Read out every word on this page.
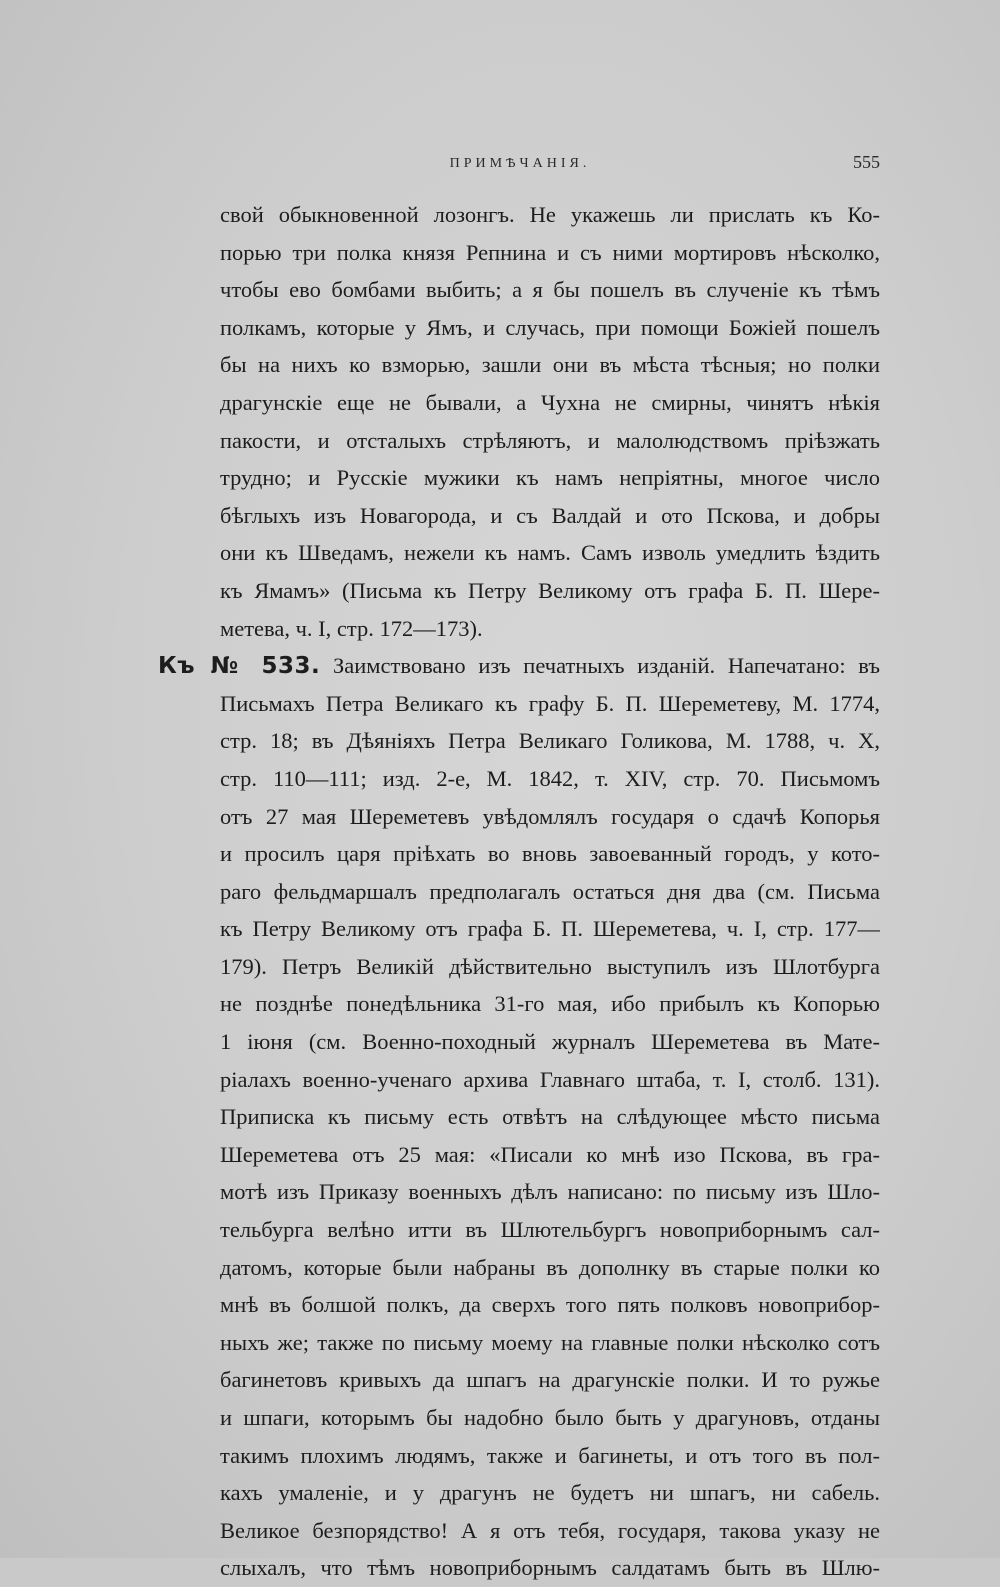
ПРИМѢЧАНІЯ.	555
свой обыкновенной лозонгъ. Не укажешь ли прислать къ Ко-
порью три полка князя Репнина и съ ними мортировъ нѣсколко,
чтобы ево бомбами выбить; а я бы пошелъ въ слученіе къ тѣмъ
полкамъ, которые у Ямъ, и случась, при помощи Божіей пошелъ
бы на нихъ ко взморью, зашли они въ мѣста тѣсныя; но полки
драгунскіе еще не бывали, а Чухна не смирны, чинятъ нѣкія
пакости, и отсталыхъ стрѣляютъ, и малолюдствомъ пріѣзжать
трудно; и Русскіе мужики къ намъ непріятны, многое число
бѣглыхъ изъ Новагорода, и съ Валдай и ото Пскова, и добры
они къ Шведамъ, нежели къ намъ. Самъ изволь умедлить ѣздить
къ Ямамъ» (Письма къ Петру Великому отъ графа Б. П. Шере-
метева, ч. I, стр. 172—173).
Къ № 533. Заимствовано изъ печатныхъ изданій. Напечатано: въ
Письмахъ Петра Великаго къ графу Б. П. Шереметеву, М. 1774,
стр. 18; въ Дѣяніяхъ Петра Великаго Голикова, М. 1788, ч. X,
стр. 110—111; изд. 2-е, М. 1842, т. XIV, стр. 70. Письмомъ
отъ 27 мая Шереметевъ увѣдомлялъ государя о сдачѣ Копорья
и просилъ царя пріѣхать во вновь завоеванный городъ, у кото-
раго фельдмаршалъ предполагалъ остаться дня два (см. Письма
къ Петру Великому отъ графа Б. П. Шереметева, ч. I, стр. 177—
179). Петръ Великій дѣйствительно выступилъ изъ Шлотбурга
не позднѣе понедѣльника 31-го мая, ибо прибылъ къ Копорью
1 іюня (см. Военно-походный журналъ Шереметева въ Мате-
ріалахъ военно-ученаго архива Главнаго штаба, т. I, столб. 131).
Приписка къ письму есть отвѣтъ на слѣдующее мѣсто письма
Шереметева отъ 25 мая: «Писали ко мнѣ изо Пскова, въ гра-
мотѣ изъ Приказу военныхъ дѣлъ написано: по письму изъ Шло-
тельбурга велѣно итти въ Шлютельбургъ новоприборнымъ сал-
датомъ, которые были набраны въ дополнку въ старые полки ко
мнѣ въ болшой полкъ, да сверхъ того пять полковъ новоприбор-
ныхъ же; также по письму моему на главные полки нѣсколко сотъ
багинетовъ кривыхъ да шпагъ на драгунскіе полки. И то ружье
и шпаги, которымъ бы надобно было быть у драгуновъ, отданы
такимъ плохимъ людямъ, также и багинеты, и отъ того въ пол-
кахъ умаленіе, и у драгунъ не будетъ ни шпагъ, ни сабель.
Великое безпорядство! А я отъ тебя, государя, такова указу не
слыхалъ, что тѣмъ новоприборнымъ салдатамъ быть въ Шлю-
